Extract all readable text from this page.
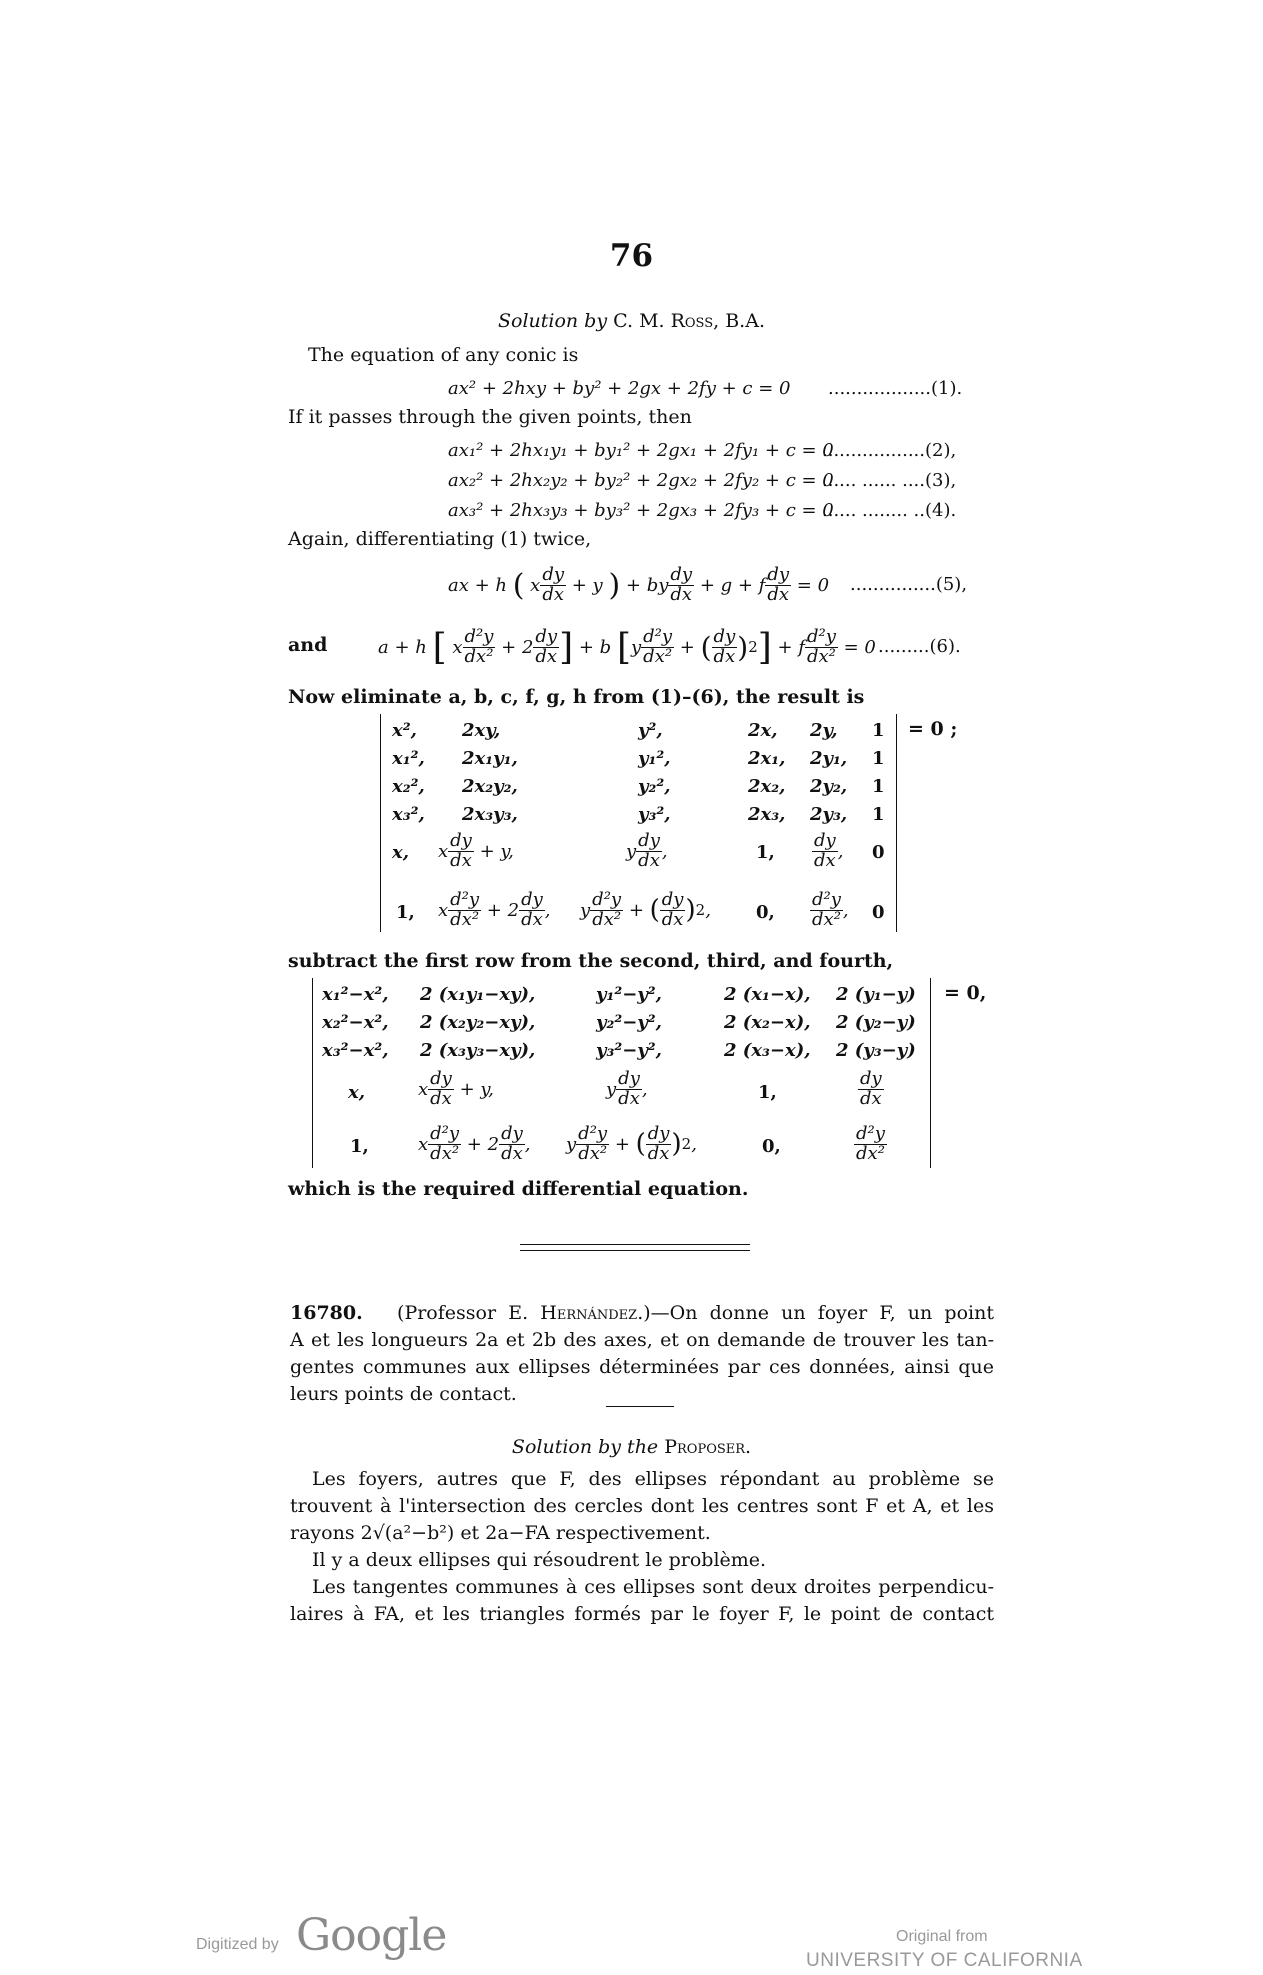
76
Solution by C. M. Ross, B.A.
The equation of any conic is
ax² + 2hxy + by² + 2gx + 2fy + c = 0 ..................(1).
If it passes through the given points, then
ax₁² + 2hx₁y₁ + by₁² + 2gx₁ + 2fy₁ + c = 0
..................(2),
ax₂² + 2hx₂y₂ + by₂² + 2gx₂ + 2fy₂ + c = 0
...... ...... ....(3),
ax₃² + 2hx₃y₃ + by₃² + 2gx₃ + 2fy₃ + c = 0
...... ........ ..(4).
Again, differentiating (1) twice,
ax + h ( x $\frac{dy}{dx} + y$ ) + by $\frac{dy}{dx} + g + f \frac{dy}{dx} = 0$ ...............(5),
and	a + h [ x $\frac{\text{d²y}}{\text{dx²}} + 2 \frac{dy}{dx}$ ] + b [ y $\frac{\text{d²y}}{\text{dx²}}$ + ( $\frac{dy}{dx}$ ) 2 ] + f $\frac{\text{d²y}}{\text{dx²}} = 0$ .........(6).
Now eliminate a, b, c, f, g, h from (1)–(6), the result is
= 0 ;
x²,	2xy,	y²,	2x, 2y, 1
x₁², 2x₁y₁,	y₁²,	2x₁, 2y₁, 1
x₂², 2x₂y₂,	y₂²,	2x₂, 2y₂, 1
x₃², 2x₃y₃,	y₃²,	2x₃, 2y₃, 1
x, x $\frac{dy}{dx} + y$,	y $\frac{dy}{dx}$ ,	1, $\frac{dy}{dx}$ , 0
1, x $\frac{\text{d²y}}{\text{dx²}} + 2 \frac{dy}{dx}$ , y $\frac{\text{d²y}}{\text{dx²}}$ + ( $\frac{dy}{dx}$ ) 2 ,	0, $\frac{\text{d²y}}{\text{dx²}}$ , 0
subtract the first row from the second, third, and fourth,
= 0,
x₁²−x², 2 (x₁y₁−xy),	y₁²−y²,	2 (x₁−x), 2 (y₁−y)
x₂²−x², 2 (x₂y₂−xy),	y₂²−y²,	2 (x₂−x), 2 (y₂−y)
x₃²−x², 2 (x₃y₃−xy),	y₃²−y²,	2 (x₃−x), 2 (y₃−y)
x,	x $\frac{dy}{dx} + y$,	y $\frac{dy}{dx}$ ,	1,	$\frac{dy}{dx}$
1,	x $\frac{\text{d²y}}{\text{dx²}} + 2 \frac{dy}{dx}$ , y $\frac{\text{d²y}}{\text{dx²}}$ + ( $\frac{dy}{dx}$ ) 2 ,	0,	$\frac{\text{d²y}}{\text{dx²}}$
which is the required differential equation.
16780. (Professor E. Hernández.)—On donne un foyer F, un point
A et les longueurs 2a et 2b des axes, et on demande de trouver les tan-
gentes communes aux ellipses déterminées par ces données, ainsi que
leurs points de contact.
Solution by the Proposer.
Les foyers, autres que F, des ellipses répondant au problème se
trouvent à l'intersection des cercles dont les centres sont F et A, et les
rayons 2√(a²−b²) et 2a−FA respectivement.
Il y a deux ellipses qui résoudrent le problème.
Les tangentes communes à ces ellipses sont deux droites perpendicu-
laires à FA, et les triangles formés par le foyer F, le point de contact
Digitized by Google	Original from
UNIVERSITY OF CALIFORNIA
